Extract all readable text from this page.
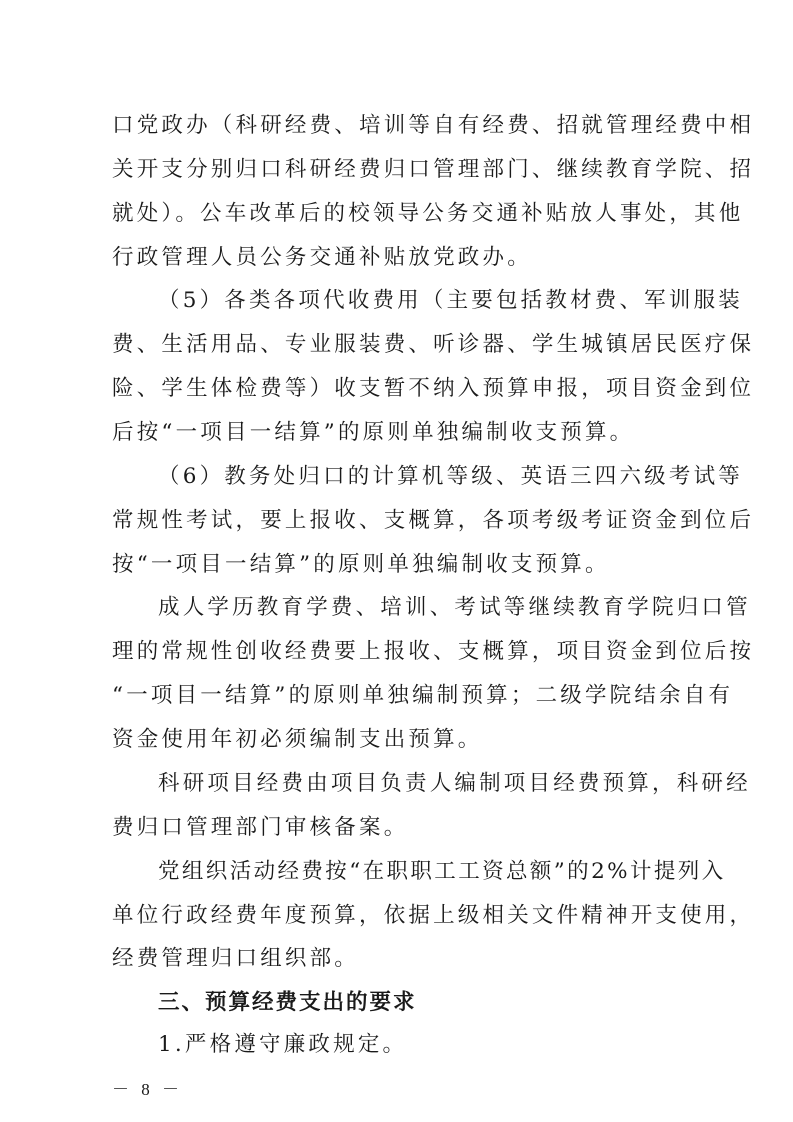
口党政办（科研经费、培训等自有经费、招就管理经费中相
关开支分别归口科研经费归口管理部门、继续教育学院、招
就处）。公车改革后的校领导公务交通补贴放人事处，其他
行政管理人员公务交通补贴放党政办。
（5）各类各项代收费用（主要包括教材费、军训服装
费、生活用品、专业服装费、听诊器、学生城镇居民医疗保
险、学生体检费等）收支暂不纳入预算申报，项目资金到位
后按“一项目一结算”的原则单独编制收支预算。
（6）教务处归口的计算机等级、英语三四六级考试等
常规性考试，要上报收、支概算，各项考级考证资金到位后
按“一项目一结算”的原则单独编制收支预算。
成人学历教育学费、培训、考试等继续教育学院归口管
理的常规性创收经费要上报收、支概算，项目资金到位后按
“一项目一结算”的原则单独编制预算；二级学院结余自有
资金使用年初必须编制支出预算。
科研项目经费由项目负责人编制项目经费预算，科研经
费归口管理部门审核备案。
党组织活动经费按“在职职工工资总额”的2%计提列入
单位行政经费年度预算，依据上级相关文件精神开支使用，
经费管理归口组织部。
三、预算经费支出的要求
1.严格遵守廉政规定。
－ 8 －
